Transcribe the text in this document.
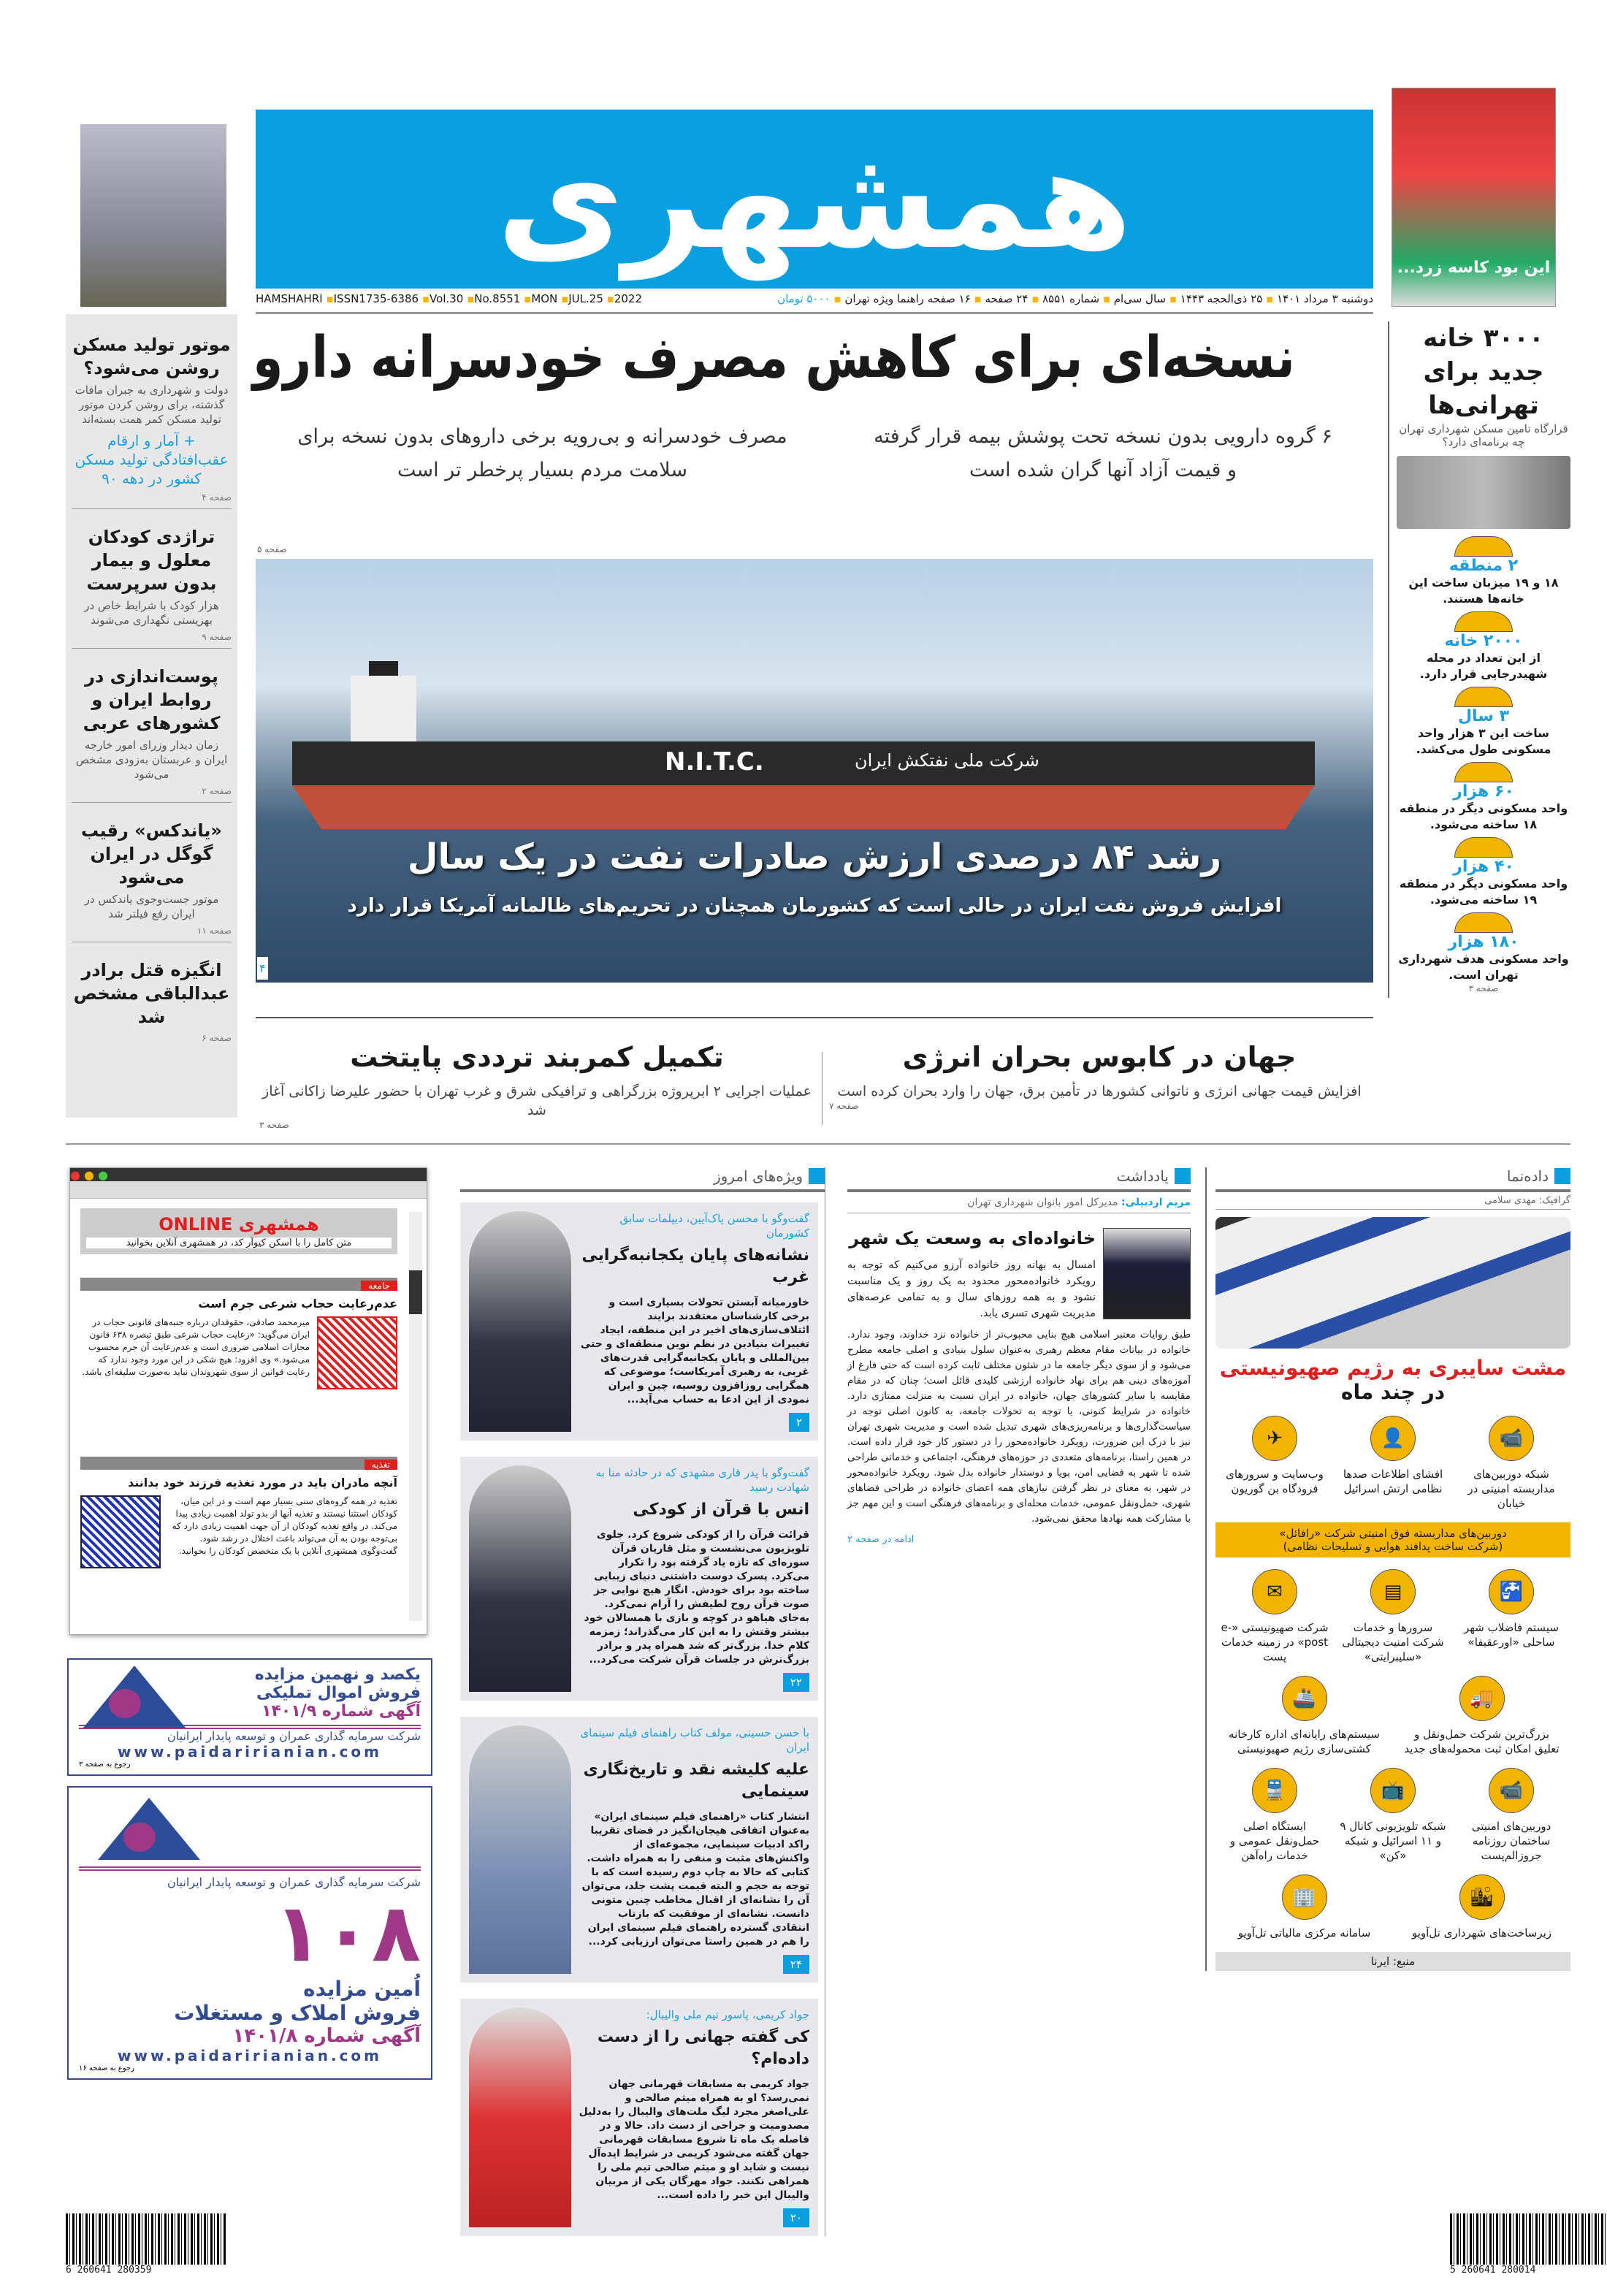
همشهری
HAMSHAHRI ▪ISSN1735-6386 ▪Vol.30 ▪No.8551 ▪MON ▪JUL.25 ▪2022	دوشنبه ۳ مرداد ۱۴۰۱ ▪ ۲۵ ذی‌الحجه ۱۴۴۳ ▪ سال سی‌ام ▪ شماره ۸۵۵۱ ▪ ۲۴ صفحه ▪ ۱۶ صفحه راهنما ویژه تهران ▪ ۵۰۰۰ تومان
این بود کاسه زرد...
موتور تولید مسکن روشن می‌شود؟

دولت و شهرداری به جبران مافات گذشته، برای روشن کردن موتور تولید مسکن کمر همت بسته‌اند

+ آمار و ارقام عقب‌افتادگی تولید مسکن کشور در دهه ۹۰
صفحه ۴
تراژدی کودکان معلول و بیمار بدون سرپرست

هزار کودک با شرایط خاص در بهزیستی نگهداری می‌شوند

صفحه ۹
پوست‌اندازی در روابط ایران و کشورهای عربی

زمان دیدار وزرای امور خارجه ایران و عربستان به‌زودی مشخص می‌شود

صفحه ۲
«یاندکس» رقیب گوگل در ایران می‌شود

موتور جست‌وجوی یاندکس در ایران رفع فیلتر شد

صفحه ۱۱
انگیزه قتل برادر عبدالباقی مشخص شد
صفحه ۶
۳۰۰۰ خانه جدید برای تهرانی‌ها
قرارگاه تامین مسکن شهرداری تهران چه برنامه‌ای دارد؟
۲ منطقه
۱۸ و ۱۹ میزبان ساخت این خانه‌ها هستند.
۲۰۰۰ خانه
از این تعداد در محله شهیدرجایی قرار دارد.
۳ سال
ساخت این ۳ هزار واحد مسکونی طول می‌کشد.
۶۰ هزار
واحد مسکونی دیگر در منطقه ۱۸ ساخته می‌شود.
۴۰ هزار
واحد مسکونی دیگر در منطقه ۱۹ ساخته می‌شود.
۱۸۰ هزار
واحد مسکونی هدف شهرداری تهران است.
صفحه ۳
نسخه‌ای برای کاهش مصرف خودسرانه دارو
۶ گروه دارویی بدون نسخه تحت پوشش بیمه قرار گرفته
و قیمت آزاد آنها گران شده است
مصرف خودسرانه و بی‌رویه برخی داروهای بدون نسخه برای
سلامت مردم بسیار پرخطر تر است
صفحه ۵
N.I.T.C.	شرکت ملی نفتکش ایران
رشد ۸۴ درصدی ارزش صادرات نفت در یک سال
افزایش فروش نفت ایران در حالی است که کشورمان همچنان در تحریم‌های ظالمانه آمریکا قرار دارد
۴
جهان در کابوس بحران انرژی
افزایش قیمت جهانی انرژی و ناتوانی کشورها در تأمین برق، جهان را وارد بحران کرده است
صفحه ۷
تکمیل کمربند ترددی پایتخت
عملیات اجرایی ۲ ابرپروژه بزرگراهی و ترافیکی شرق و غرب تهران با حضور علیرضا زاکانی آغاز شد
صفحه ۳
● ● ●
همشهری ONLINE
متن کامل را با اسکن کیوآر کد، در همشهری آنلاین بخوانید
جامعه
عدم‌رعایت حجاب شرعی جرم است

میرمحمد صادقی، حقوقدان درباره جنبه‌های قانونی حجاب در ایران می‌گوید: «رعایت حجاب شرعی طبق تبصره ۶۳۸ قانون مجازات اسلامی ضروری است و عدم‌رعایت آن جرم محسوب می‌شود.» وی افزود: هیچ شکی در این مورد وجود ندارد که رعایت قوانین از سوی شهروندان نباید به‌صورت سلیقه‌ای باشد.

تغذیه
آنچه مادران باید در مورد تغذیه فرزند خود بدانند

تغذیه در همه گروه‌های سنی بسیار مهم است و در این میان، کودکان استثنا نیستند و تغذیه آنها از بدو تولد اهمیت زیادی پیدا می‌کند. در واقع تغذیه کودکان از آن جهت اهمیت زیادی دارد که بی‌توجه بودن به آن می‌تواند باعث اختلال در رشد شود. گفت‌وگوی همشهری آنلاین با یک متخصص کودکان را بخوانید.

یکصد و نهمین مزایده
فروش اموال تملیکی
آگهی شماره ۱۴۰۱/۹
شرکت سرمایه گذاری عمران و توسعه پایدار ایرانیان
www.paidaririanian.com
رجوع به صفحه ۳
شرکت سرمایه گذاری عمران و توسعه پایدار ایرانیان
۱۰۸
اُمین مزایده
فروش املاک و مستغلات
آگهی شماره ۱۴۰۱/۸
www.paidaririanian.com
رجوع به صفحه ۱۶
ویژه‌های امروز
گفت‌وگو با محسن پاک‌آیین، دیپلمات سابق کشورمان
نشانه‌های پایان یکجانبه‌گرایی غرب

خاورمیانه آبستن تحولات بسیاری است و برخی کارشناسان معتقدند برایند ائتلاف‌سازی‌های اخیر در این منطقه، ایجاد تغییرات بنیادین در نظم نوین منطقه‌ای و حتی بین‌المللی و پایان یکجانبه‌گرایی قدرت‌های غربی، به رهبری آمریکاست؛ موضوعی که همگرایی روزافزون روسیه، چین و ایران نمودی از این ادعا به حساب می‌آید...

۲
گفت‌وگو با پدر قاری مشهدی که در حادثه منا به شهادت رسید
انس با قرآن از کودکی

قرائت قرآن را از کودکی شروع کرد. جلوی تلویزیون می‌نشست و مثل قاریان قرآن سوره‌ای که تازه یاد گرفته بود را تکرار می‌کرد. پسرک دوست داشتنی دنیای زیبایی ساخته بود برای خودش. انگار هیچ نوایی جز صوت قرآن روح لطیفش را آرام نمی‌کرد. به‌جای هیاهو در کوچه و بازی با همسالان خود بیشتر وقتش را به این کار می‌گذراند؛ زمزمه کلام خدا. بزرگ‌تر که شد همراه پدر و برادر بزرگ‌ترش در جلسات قرآن شرکت می‌کرد...

۲۲
با حسن حسینی، مولف کتاب راهنمای فیلم سینمای ایران
علیه کلیشه نقد و تاریخ‌نگاری سینمایی

انتشار کتاب «راهنمای فیلم سینمای ایران» به‌عنوان اتفاقی هیجان‌انگیز در فضای تقریبا راکد ادبیات سینمایی، مجموعه‌ای از واکنش‌های مثبت و منفی را به همراه داشت. کتابی که حالا به چاپ دوم رسیده است که با توجه به حجم و البته قیمت پشت جلد، می‌توان آن را نشانه‌ای از اقبال مخاطب چنین متونی دانست. نشانه‌ای از موفقیت که بازتاب انتقادی گسترده راهنمای فیلم سینمای ایران را هم در همین راستا می‌توان ارزیابی کرد...

۲۴
جواد کریمی، پاسور تیم ملی والیبال:
کی گفته جهانی را از دست داده‌ام؟

جواد کریمی به مسابقات قهرمانی جهان نمی‌رسد؟ او به همراه میثم صالحی و علی‌اصغر مجرد لیگ ملت‌های والیبال را به‌دلیل مصدومیت و جراحی از دست داد. حالا و در فاصله یک ماه تا شروع مسابقات قهرمانی جهان گفته می‌شود کریمی در شرایط ایده‌آل نیست و شاید او و میثم صالحی تیم ملی را همراهی نکنند. جواد مهرگان یکی از مربیان والیبال این خبر را داده است...

۲۰
یادداشت
مریم اردبیلی: مدیرکل امور بانوان شهرداری تهران
خانواده‌ای به وسعت یک شهر

امسال به بهانه روز خانواده آرزو می‌کنیم که توجه به رویکرد خانواده‌محور محدود به یک روز و یک مناسبت نشود و به همه روزهای سال و به تمامی عرصه‌های مدیریت شهری تسری یابد.

طبق روایات معتبر اسلامی هیچ بنایی محبوب‌تر از خانواده نزد خداوند، وجود ندارد. خانواده در بیانات مقام معظم رهبری به‌عنوان سلول بنیادی و اصلی جامعه مطرح می‌شود و از سوی دیگر جامعه ما در شئون مختلف ثابت کرده است که حتی فارغ از آموزه‌های دینی هم برای نهاد خانواده ارزشی کلیدی قائل است؛ چنان که در مقام مقایسه با سایر کشورهای جهان، خانواده در ایران نسبت به منزلت ممتازی دارد. خانواده در شرایط کنونی، با توجه به تحولات جامعه، به کانون اصلی توجه در سیاست‌گذاری‌ها و برنامه‌ریزی‌های شهری تبدیل شده است و مدیریت شهری تهران نیز با درک این ضرورت، رویکرد خانواده‌محور را در دستور کار خود قرار داده است. در همین راستا، برنامه‌های متعددی در حوزه‌های فرهنگی، اجتماعی و خدماتی طراحی شده تا شهر به فضایی امن، پویا و دوستدار خانواده بدل شود. رویکرد خانواده‌محور در شهر، به معنای در نظر گرفتن نیازهای همه اعضای خانواده در طراحی فضاهای شهری، حمل‌ونقل عمومی، خدمات محله‌ای و برنامه‌های فرهنگی است و این مهم جز با مشارکت همه نهادها محقق نمی‌شود.

ادامه در صفحه ۲
داده‌نما
گرافیک: مهدی سلامی
مشت سایبری به رژیم صهیونیستی
در چند ماه
📹
شبکه دوربین‌های مداربسته امنیتی در خیابان
👤
افشای اطلاعات صدها نظامی ارتش اسرائیل
✈
وب‌سایت و سرورهای فرودگاه بن گوریون
دوربین‌های مداربسته فوق امنیتی شرکت «رافائل»
(شرکت ساخت پدافند هوایی و تسلیحات نظامی)
🚰
سیستم فاضلاب شهر ساحلی «اورعقیفا»
▤
سرورها و خدمات شرکت امنیت دیجیتالی «سلیبرایتی»
✉
شرکت صهیونیستی «e-post» در زمینه خدمات پست
🚚
بزرگ‌ترین شرکت حمل‌ونقل و تعلیق امکان ثبت محموله‌های جدید
🚢
سیستم‌های رایانه‌ای اداره کارخانه کشتی‌سازی رژیم صهیونیستی
📹
دوربین‌های امنیتی ساختمان روزنامه جروزالم‌پست
📺
شبکه تلویزیونی کانال ۹ و ۱۱ اسرائیل و شبکه «کن»
🚆
ایستگاه اصلی حمل‌ونقل عمومی و خدمات راه‌آهن
🏙
زیرساخت‌های شهرداری تل‌آویو
🏢
سامانه مرکزی مالیاتی تل‌آویو
منبع: ایرنا
6 260641 280359	5 260641 280014
